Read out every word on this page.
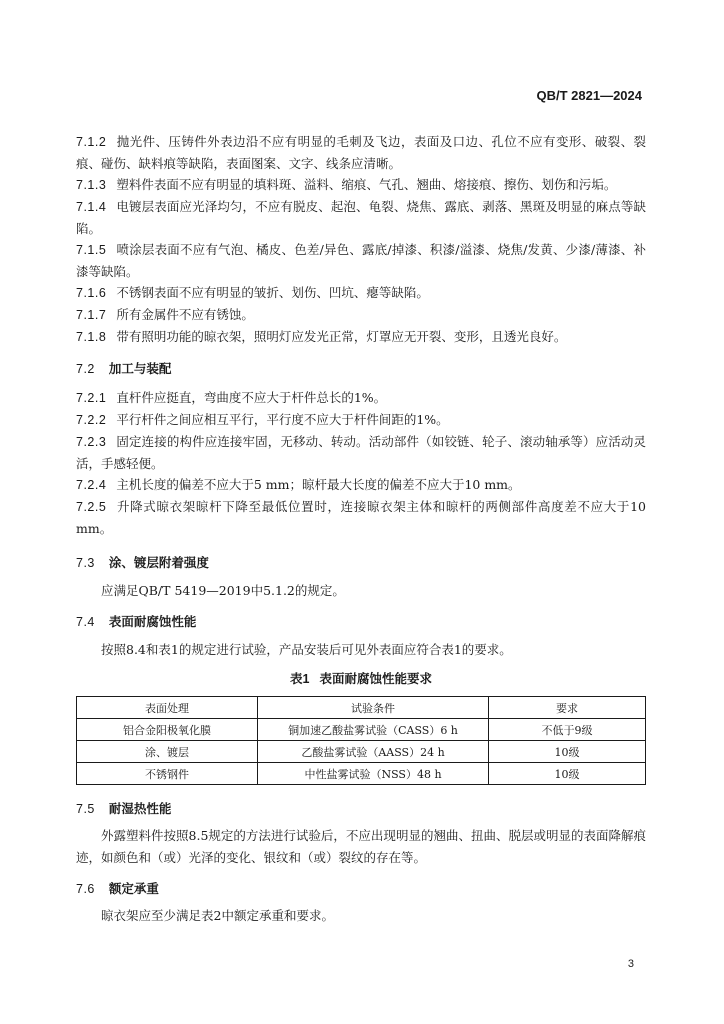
QB/T 2821—2024

7.1.2 抛光件、压铸件外表边沿不应有明显的毛刺及飞边，表面及口边、孔位不应有变形、破裂、裂痕、碰伤、缺料痕等缺陷，表面图案、文字、线条应清晰。

7.1.3 塑料件表面不应有明显的填料斑、溢料、缩痕、气孔、翘曲、熔接痕、擦伤、划伤和污垢。

7.1.4 电镀层表面应光泽均匀，不应有脱皮、起泡、龟裂、烧焦、露底、剥落、黑斑及明显的麻点等缺陷。

7.1.5 喷涂层表面不应有气泡、橘皮、色差/异色、露底/掉漆、积漆/溢漆、烧焦/发黄、少漆/薄漆、补漆等缺陷。

7.1.6 不锈钢表面不应有明显的皱折、划伤、凹坑、瘪等缺陷。

7.1.7 所有金属件不应有锈蚀。

7.1.8 带有照明功能的晾衣架，照明灯应发光正常，灯罩应无开裂、变形，且透光良好。

7.2 加工与装配

7.2.1 直杆件应挺直，弯曲度不应大于杆件总长的1%。

7.2.2 平行杆件之间应相互平行，平行度不应大于杆件间距的1%。

7.2.3 固定连接的构件应连接牢固，无移动、转动。活动部件（如铰链、轮子、滚动轴承等）应活动灵活，手感轻便。

7.2.4 主机长度的偏差不应大于5 mm；晾杆最大长度的偏差不应大于10 mm。

7.2.5 升降式晾衣架晾杆下降至最低位置时，连接晾衣架主体和晾杆的两侧部件高度差不应大于10 mm。

7.3 涂、镀层附着强度

应满足QB/T 5419—2019中5.1.2的规定。

7.4 表面耐腐蚀性能

按照8.4和表1的规定进行试验，产品安装后可见外表面应符合表1的要求。

表1 表面耐腐蚀性能要求

表面处理	试验条件	要求
铝合金阳极氧化膜	铜加速乙酸盐雾试验（CASS）6 h	不低于9级
涂、镀层	乙酸盐雾试验（AASS）24 h	10级
不锈钢件	中性盐雾试验（NSS）48 h	10级

7.5 耐湿热性能

外露塑料件按照8.5规定的方法进行试验后，不应出现明显的翘曲、扭曲、脱层或明显的表面降解痕迹，如颜色和（或）光泽的变化、银纹和（或）裂纹的存在等。

7.6 额定承重

晾衣架应至少满足表2中额定承重和要求。

3
